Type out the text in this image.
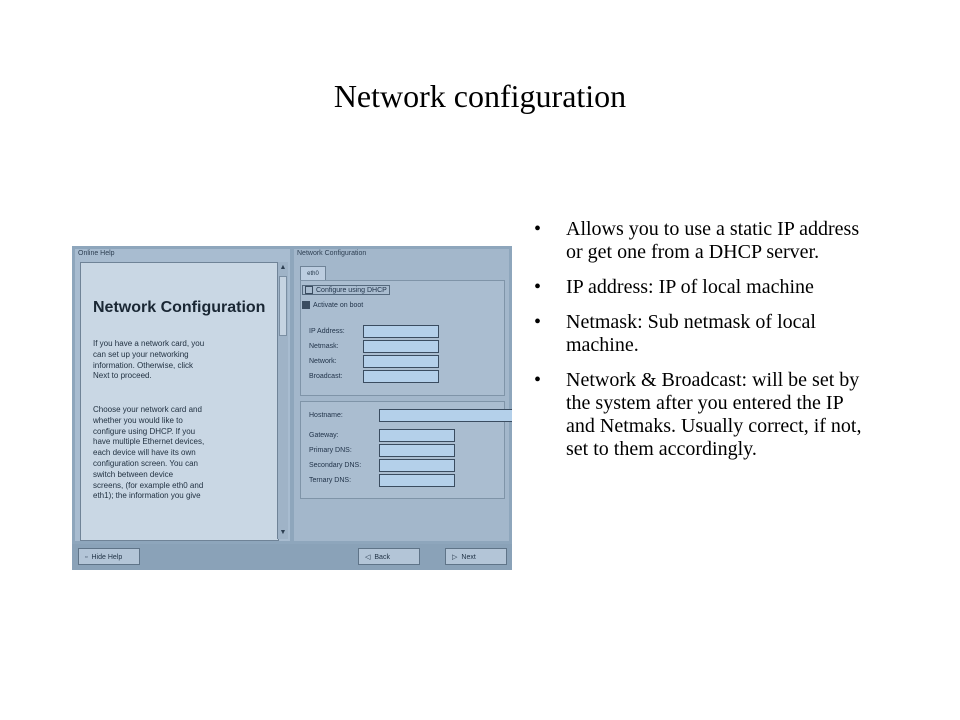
Network configuration
Online Help
Network Configuration
If you have a network card, you can set up your networking information. Otherwise, click Next to proceed.
Choose your network card and whether you would like to configure using DHCP. If you have multiple Ethernet devices, each device will have its own configuration screen. You can switch between device screens, (for example eth0 and eth1); the information you give
▲
▼
Network Configuration
eth0
Configure using DHCP
Activate on boot
IP Address:
Netmask:
Network:
Broadcast:
Hostname:
Gateway:
Primary DNS:
Secondary DNS:
Ternary DNS:
▫ Hide Help	◁ Back	▷ Next
• Allows you to use a static IP address or get one from a DHCP server.
• IP address: IP of local machine
• Netmask: Sub netmask of local machine.
• Network & Broadcast: will be set by the system after you entered the IP and Netmaks. Usually correct, if not, set to them accordingly.
